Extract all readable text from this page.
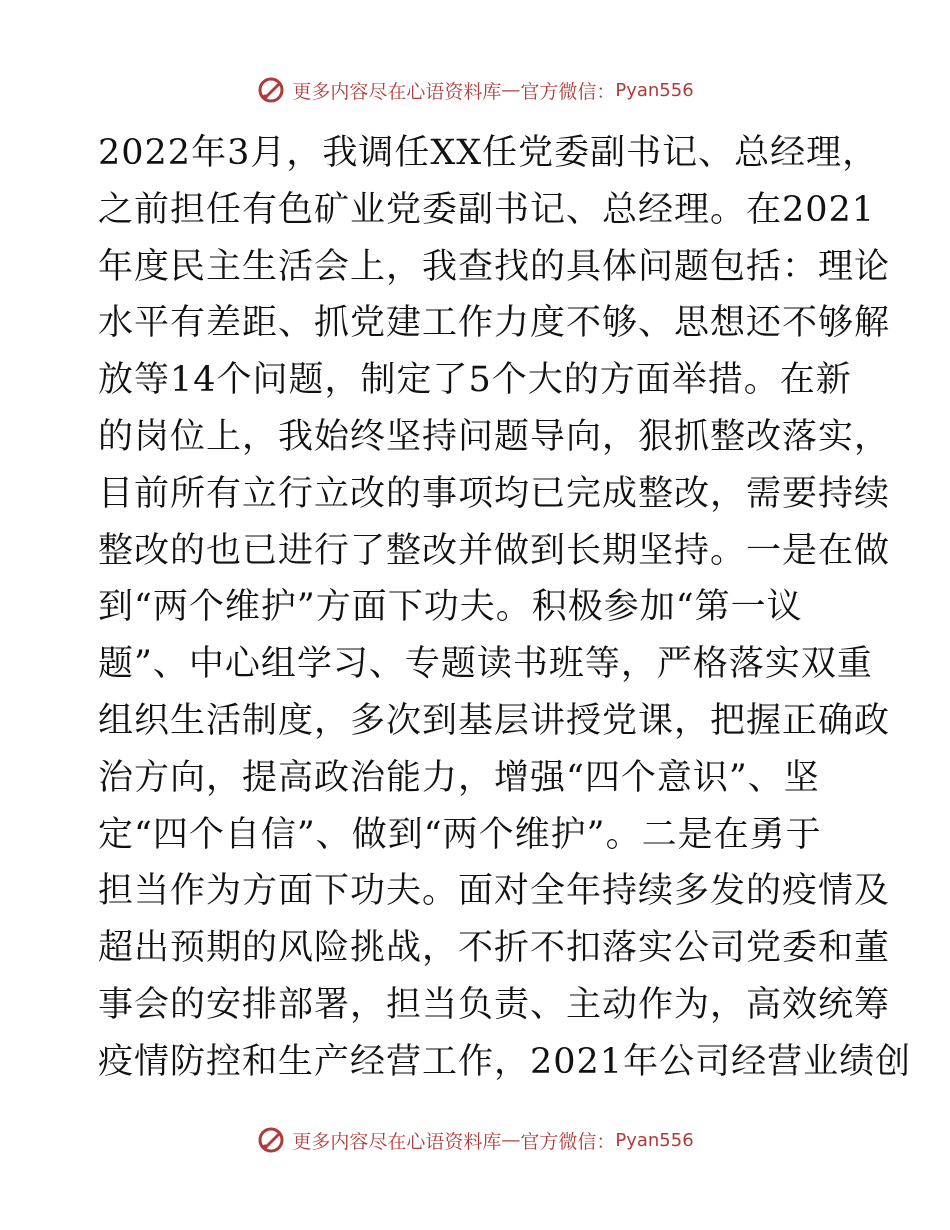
更多内容尽在心语资料库 — 官方微信： Pyan556
2022年3月，我调任XX任党委副书记、总经理，
之前担任有色矿业党委副书记、总经理。在2021
年度民主生活会上，我查找的具体问题包括：理论
水平有差距、抓党建工作力度不够、思想还不够解
放等14个问题，制定了5个大的方面举措。在新
的岗位上，我始终坚持问题导向，狠抓整改落实，
目前所有立行立改的事项均已完成整改，需要持续
整改的也已进行了整改并做到长期坚持。一是在做
到“两个维护”方面下功夫。积极参加“第一议
题”、中心组学习、专题读书班等，严格落实双重
组织生活制度，多次到基层讲授党课，把握正确政
治方向，提高政治能力，增强“四个意识”、坚
定“四个自信”、做到“两个维护”。二是在勇于
担当作为方面下功夫。面对全年持续多发的疫情及
超出预期的风险挑战，不折不扣落实公司党委和董
事会的安排部署，担当负责、主动作为，高效统筹
疫情防控和生产经营工作，2021年公司经营业绩创
更多内容尽在心语资料库 — 官方微信： Pyan556
